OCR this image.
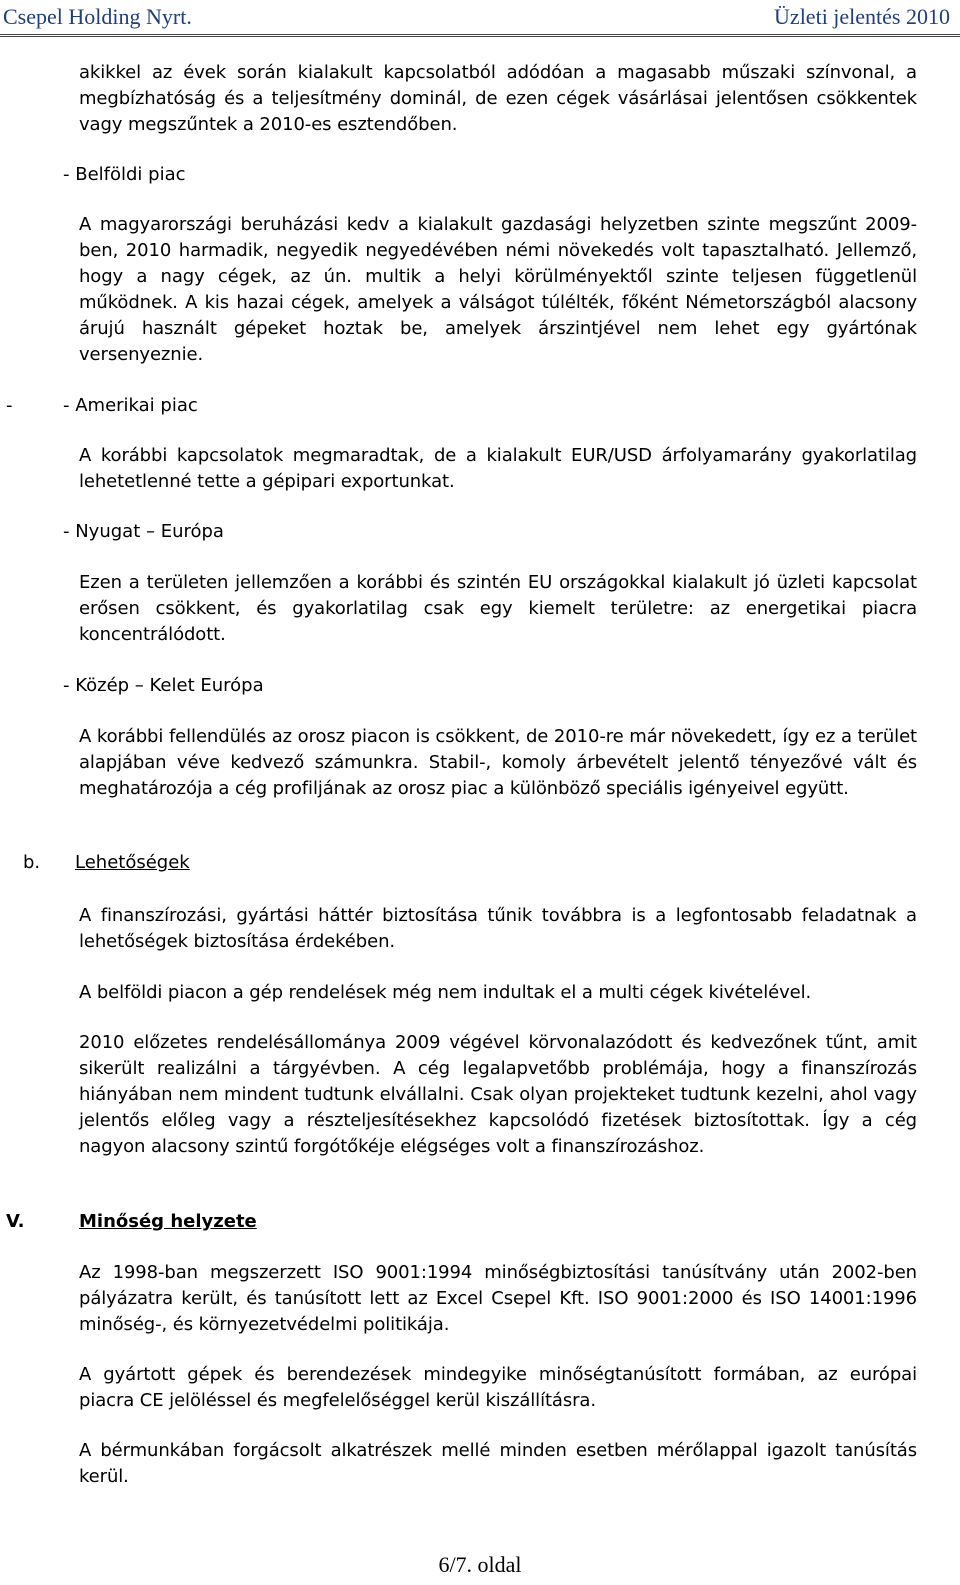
Csepel Holding Nyrt.	Üzleti jelentés 2010

akikkel az évek során kialakult kapcsolatból adódóan a magasabb műszaki színvonal, a megbízhatóság és a teljesítmény dominál, de ezen cégek vásárlásai jelentősen csökkentek vagy megszűntek a 2010-es esztendőben.

- Belföldi piac

A magyarországi beruházási kedv a kialakult gazdasági helyzetben szinte megszűnt 2009-ben, 2010 harmadik, negyedik negyedévében némi növekedés volt tapasztalható. Jellemző, hogy a nagy cégek, az ún. multik a helyi körülményektől szinte teljesen függetlenül működnek. A kis hazai cégek, amelyek a válságot túlélték, főként Németországból alacsony árujú használt gépeket hoztak be, amelyek árszintjével nem lehet egy gyártónak versenyeznie.

-	- Amerikai piac

A korábbi kapcsolatok megmaradtak, de a kialakult EUR/USD árfolyamarány gyakorlatilag lehetetlenné tette a gépipari exportunkat.

- Nyugat – Európa

Ezen a területen jellemzően a korábbi és szintén EU országokkal kialakult jó üzleti kapcsolat erősen csökkent, és gyakorlatilag csak egy kiemelt területre: az energetikai piacra koncentrálódott.

- Közép – Kelet Európa

A korábbi fellendülés az orosz piacon is csökkent, de 2010-re már növekedett, így ez a terület alapjában véve kedvező számunkra. Stabil-, komoly árbevételt jelentő tényezővé vált és meghatározója a cég profiljának az orosz piac a különböző speciális igényeivel együtt.

b. Lehetőségek

A finanszírozási, gyártási háttér biztosítása tűnik továbbra is a legfontosabb feladatnak a lehetőségek biztosítása érdekében.

A belföldi piacon a gép rendelések még nem indultak el a multi cégek kivételével.

2010 előzetes rendelésállománya 2009 végével körvonalazódott és kedvezőnek tűnt, amit sikerült realizálni a tárgyévben. A cég legalapvetőbb problémája, hogy a finanszírozás hiányában nem mindent tudtunk elvállalni. Csak olyan projekteket tudtunk kezelni, ahol vagy jelentős előleg vagy a részteljesítésekhez kapcsolódó fizetések biztosítottak. Így a cég nagyon alacsony szintű forgótőkéje elégséges volt a finanszírozáshoz.

V.	Minőség helyzete

Az 1998-ban megszerzett ISO 9001:1994 minőségbiztosítási tanúsítvány után 2002-ben pályázatra került, és tanúsított lett az Excel Csepel Kft. ISO 9001:2000 és ISO 14001:1996 minőség-, és környezetvédelmi politikája.

A gyártott gépek és berendezések mindegyike minőségtanúsított formában, az európai piacra CE jelöléssel és megfelelőséggel kerül kiszállításra.

A bérmunkában forgácsolt alkatrészek mellé minden esetben mérőlappal igazolt tanúsítás kerül.

6/7. oldal
